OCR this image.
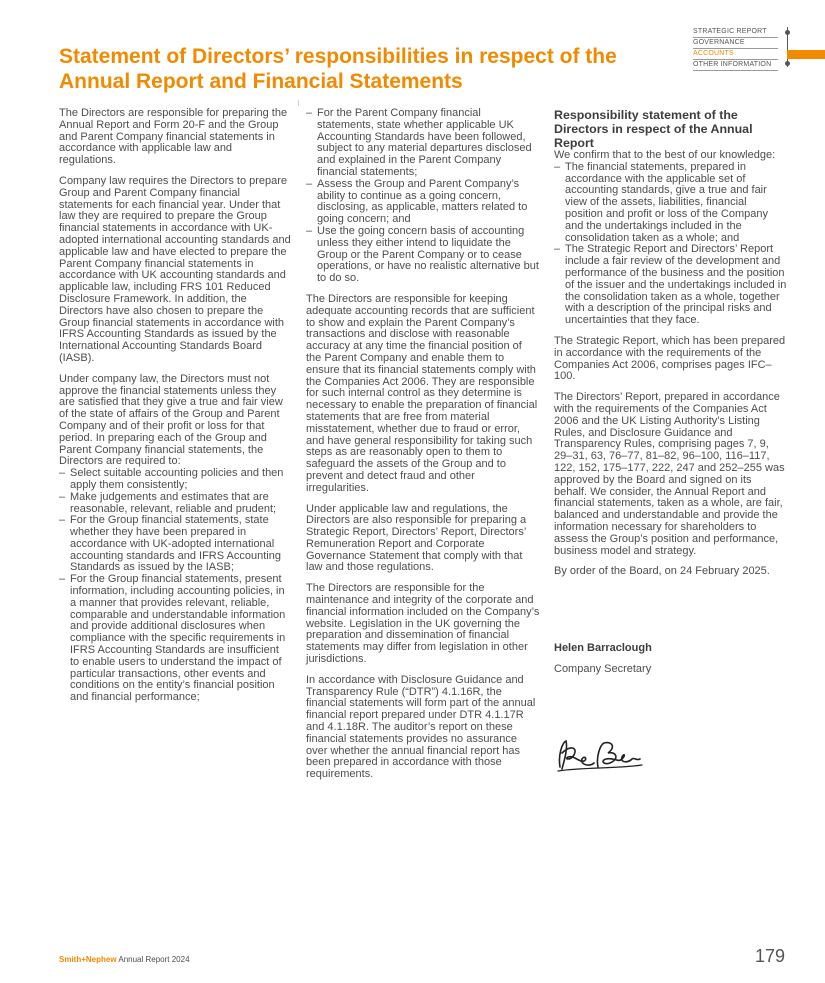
STRATEGIC REPORT
GOVERNANCE
ACCOUNTS
OTHER INFORMATION
Statement of Directors’ responsibilities in respect of the Annual Report and Financial Statements

The Directors are responsible for preparing the Annual Report and Form 20-F and the Group and Parent Company financial statements in accordance with applicable law and regulations.

Company law requires the Directors to prepare Group and Parent Company financial statements for each financial year. Under that law they are required to prepare the Group financial statements in accordance with UK-adopted international accounting standards and applicable law and have elected to prepare the Parent Company financial statements in accordance with UK accounting standards and applicable law, including FRS 101 Reduced Disclosure Framework. In addition, the Directors have also chosen to prepare the Group financial statements in accordance with IFRS Accounting Standards as issued by the International Accounting Standards Board (IASB).

Under company law, the Directors must not approve the financial statements unless they are satisfied that they give a true and fair view of the state of affairs of the Group and Parent Company and of their profit or loss for that period. In preparing each of the Group and Parent Company financial statements, the Directors are required to:

– Select suitable accounting policies and then apply them consistently;
– Make judgements and estimates that are reasonable, relevant, reliable and prudent;
– For the Group financial statements, state whether they have been prepared in accordance with UK-adopted international accounting standards and IFRS Accounting Standards as issued by the IASB;
– For the Group financial statements, present information, including accounting policies, in a manner that provides relevant, reliable, comparable and understandable information and provide additional disclosures when compliance with the specific requirements in IFRS Accounting Standards are insufficient to enable users to understand the impact of particular transactions, other events and conditions on the entity’s financial position and financial performance;
– For the Parent Company financial statements, state whether applicable UK Accounting Standards have been followed, subject to any material departures disclosed and explained in the Parent Company financial statements;
– Assess the Group and Parent Company’s ability to continue as a going concern, disclosing, as applicable, matters related to going concern; and
– Use the going concern basis of accounting unless they either intend to liquidate the Group or the Parent Company or to cease operations, or have no realistic alternative but to do so.

The Directors are responsible for keeping adequate accounting records that are sufficient to show and explain the Parent Company’s transactions and disclose with reasonable accuracy at any time the financial position of the Parent Company and enable them to ensure that its financial statements comply with the Companies Act 2006. They are responsible for such internal control as they determine is necessary to enable the preparation of financial statements that are free from material misstatement, whether due to fraud or error, and have general responsibility for taking such steps as are reasonably open to them to safeguard the assets of the Group and to prevent and detect fraud and other irregularities.

Under applicable law and regulations, the Directors are also responsible for preparing a Strategic Report, Directors’ Report, Directors’ Remuneration Report and Corporate Governance Statement that comply with that law and those regulations.

The Directors are responsible for the maintenance and integrity of the corporate and financial information included on the Company’s website. Legislation in the UK governing the preparation and dissemination of financial statements may differ from legislation in other jurisdictions.

In accordance with Disclosure Guidance and Transparency Rule (“DTR”) 4.1.16R, the financial statements will form part of the annual financial report prepared under DTR 4.1.17R and 4.1.18R. The auditor’s report on these financial statements provides no assurance over whether the annual financial report has been prepared in accordance with those requirements.

Responsibility statement of the Directors in respect of the Annual Report

We confirm that to the best of our knowledge:

– The financial statements, prepared in accordance with the applicable set of accounting standards, give a true and fair view of the assets, liabilities, financial position and profit or loss of the Company and the undertakings included in the consolidation taken as a whole; and
– The Strategic Report and Directors’ Report include a fair review of the development and performance of the business and the position of the issuer and the undertakings included in the consolidation taken as a whole, together with a description of the principal risks and uncertainties that they face.

The Strategic Report, which has been prepared in accordance with the requirements of the Companies Act 2006, comprises pages IFC–100.

The Directors’ Report, prepared in accordance with the requirements of the Companies Act 2006 and the UK Listing Authority’s Listing Rules, and Disclosure Guidance and Transparency Rules, comprising pages 7, 9, 29–31, 63, 76–77, 81–82, 96–100, 116–117, 122, 152, 175–177, 222, 247 and 252–255 was approved by the Board and signed on its behalf. We consider, the Annual Report and financial statements, taken as a whole, are fair, balanced and understandable and provide the information necessary for shareholders to assess the Group’s position and performance, business model and strategy.

By order of the Board, on 24 February 2025.

Helen Barraclough

Company Secretary

Smith+Nephew Annual Report 2024	179
